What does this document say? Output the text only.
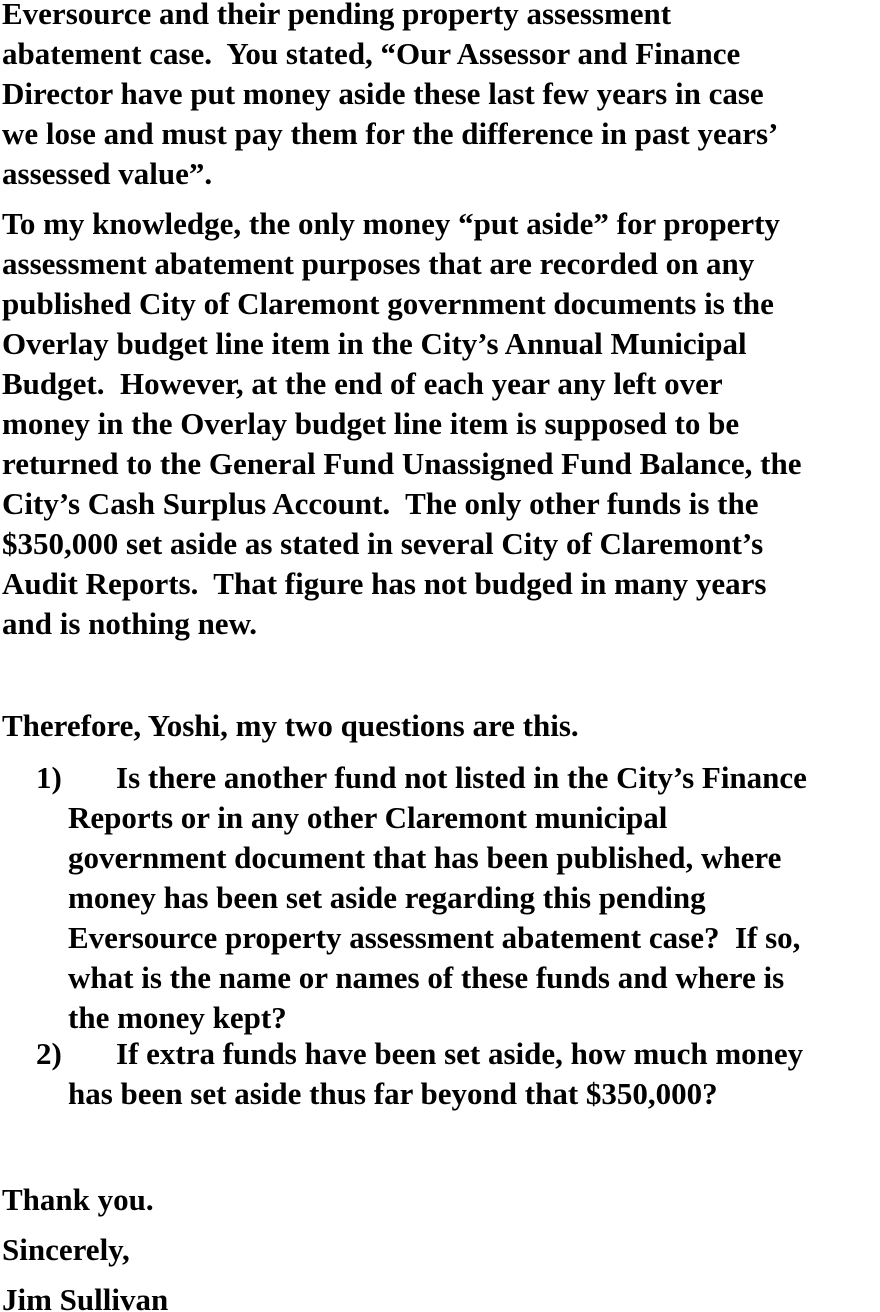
Eversource and their pending property assessment

abatement case.  You stated, “Our Assessor and Finance

Director have put money aside these last few years in case

we lose and must pay them for the difference in past years’

assessed value”.

To my knowledge, the only money “put aside” for property

assessment abatement purposes that are recorded on any

published City of Claremont government documents is the

Overlay budget line item in the City’s Annual Municipal

Budget.  However, at the end of each year any left over

money in the Overlay budget line item is supposed to be

returned to the General Fund Unassigned Fund Balance, the

City’s Cash Surplus Account.  The only other funds is the

$350,000 set aside as stated in several City of Claremont’s

Audit Reports.  That figure has not budged in many years

and is nothing new.

Therefore, Yoshi, my two questions are this.

1) Is there another fund not listed in the City’s Finance

Reports or in any other Claremont municipal

government document that has been published, where

money has been set aside regarding this pending

Eversource property assessment abatement case?  If so,

what is the name or names of these funds and where is

the money kept?

2) If extra funds have been set aside, how much money

has been set aside thus far beyond that $350,000?

Thank you.

Sincerely,

Jim Sullivan
